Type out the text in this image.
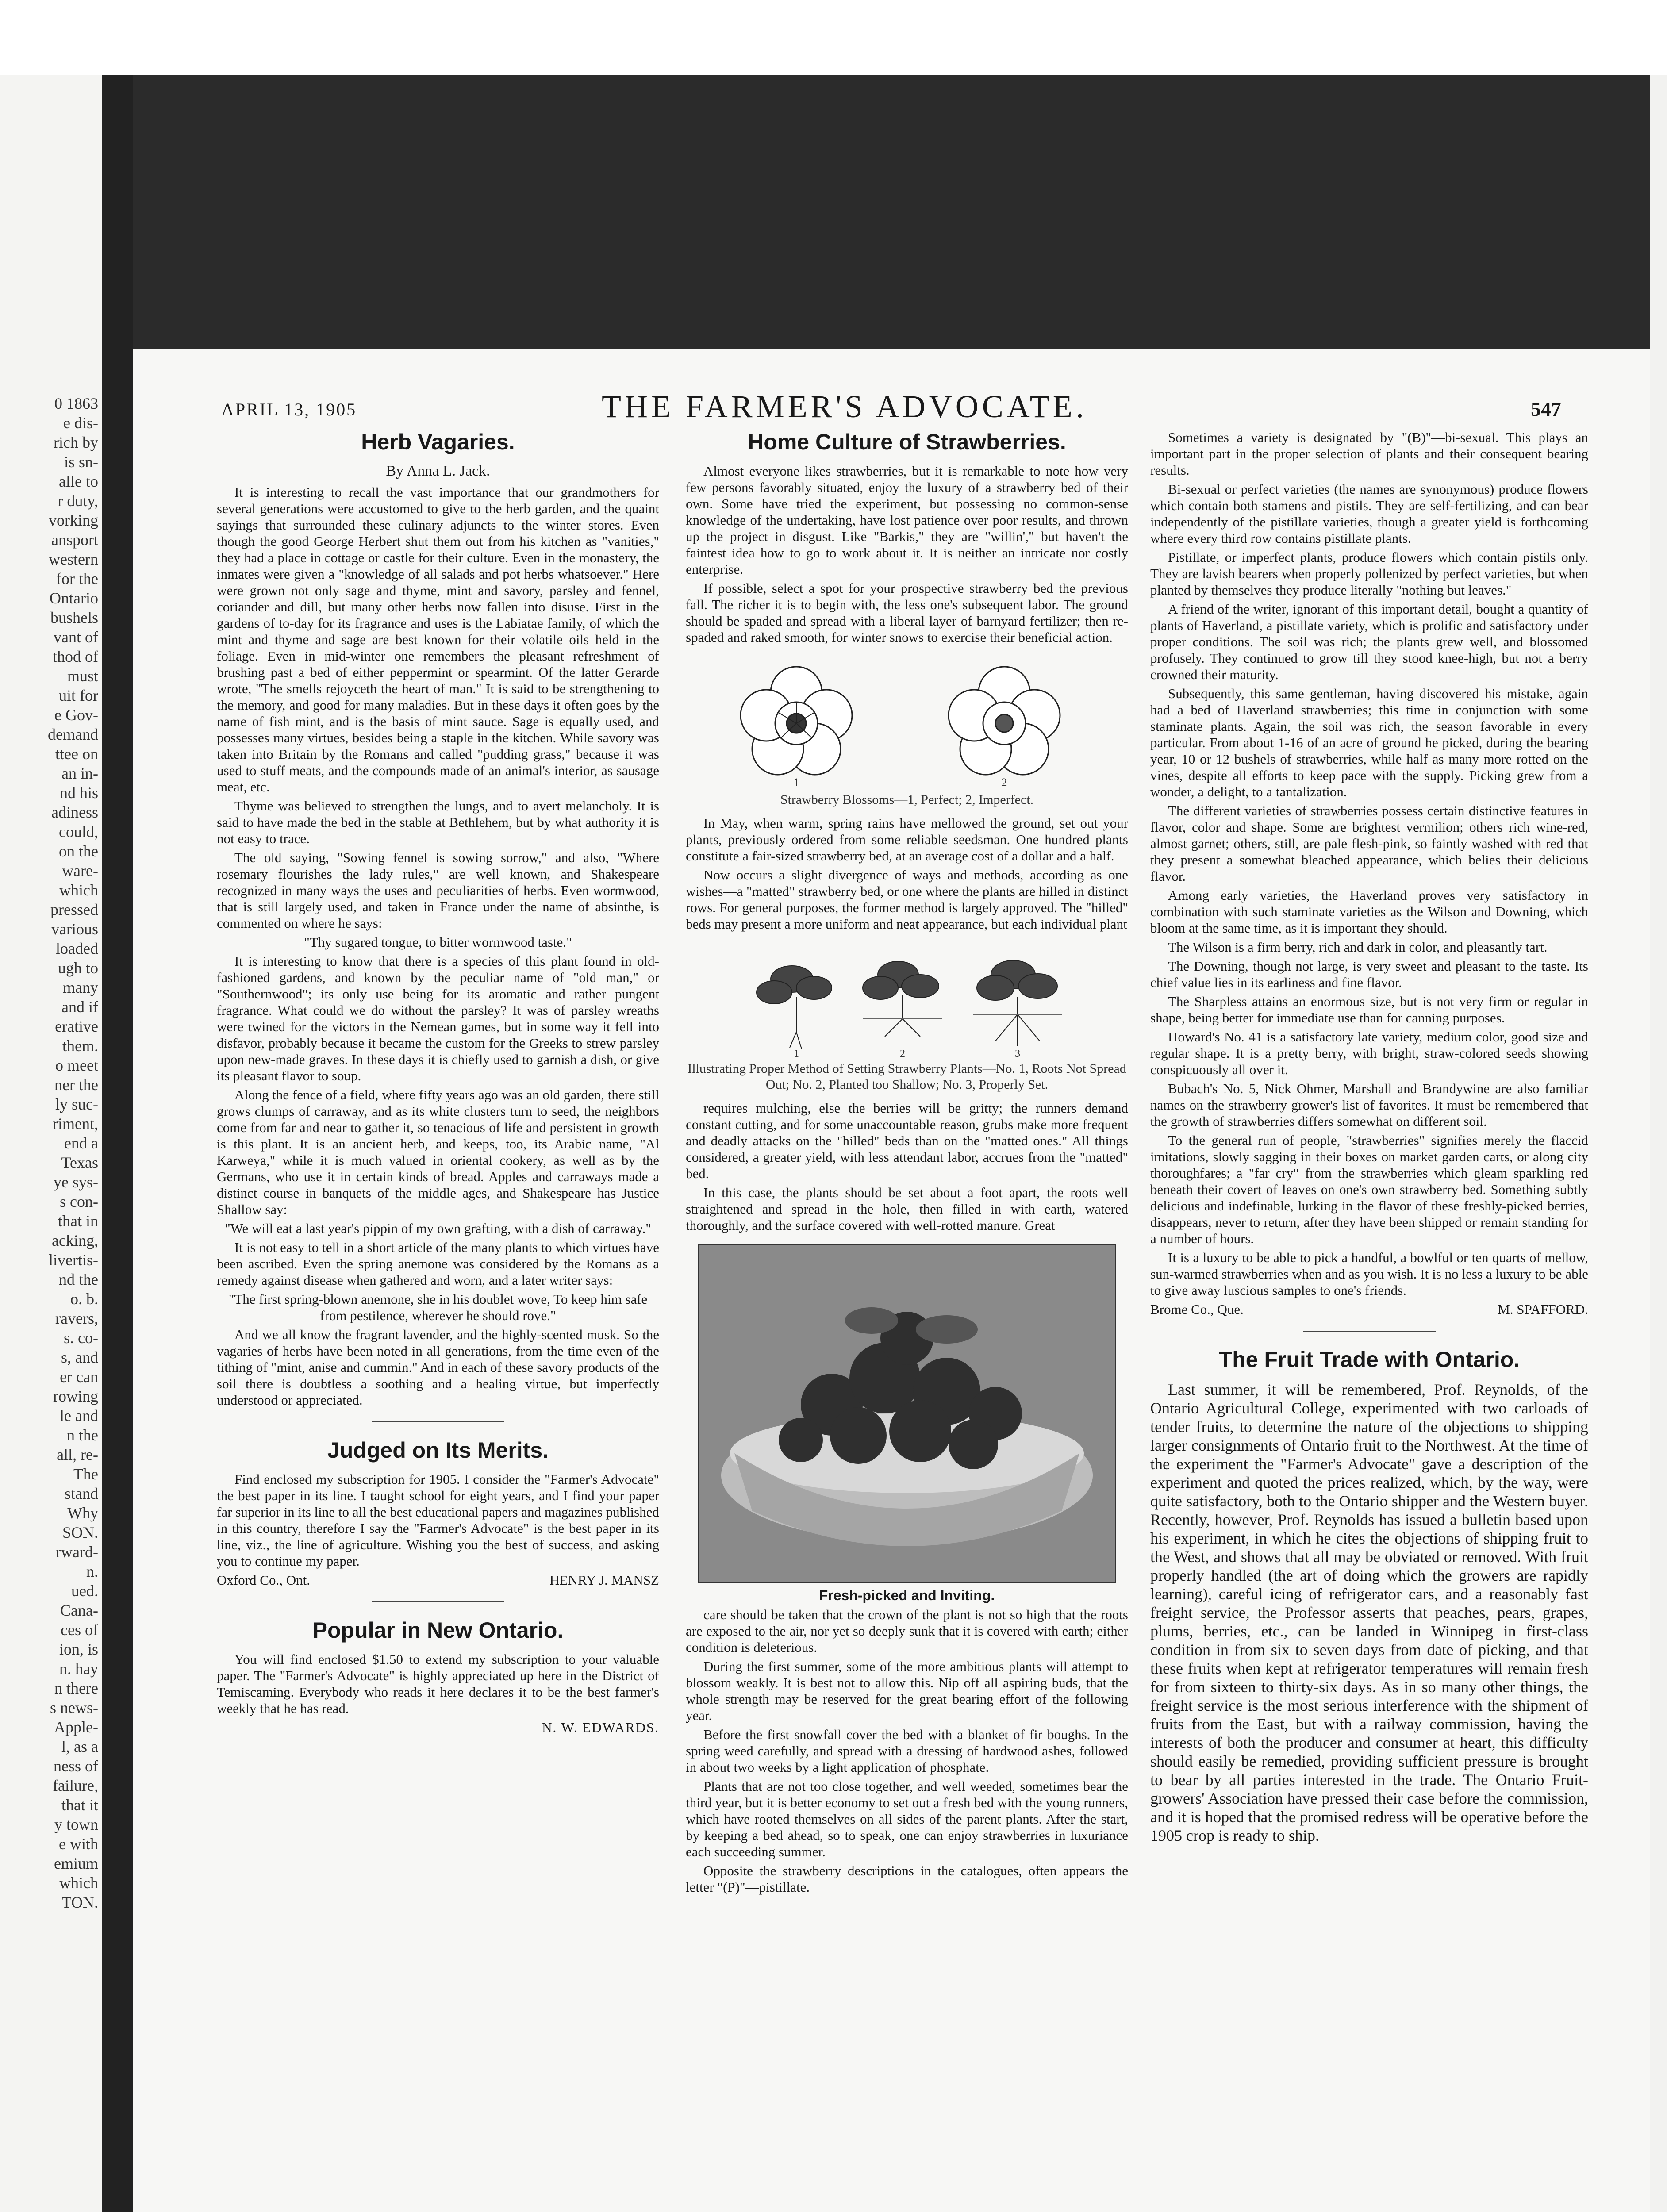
0 1863
e dis-
rich by
is sn-
alle to
r duty,
vorking
ansport
western
for the
Ontario
bushels
vant of
thod of
must
uit for
e Gov-
demand
ttee on
an in-
nd his
adiness
could,
on the
ware-
which
pressed
various
loaded
ugh to
many
and if
erative
them.
o meet
ner the
ly suc-
riment,
end a
Texas
ye sys-
s con-
that in
acking,
livertis-
nd the
o. b.
ravers,
s. co-
s, and
er can
rowing
le and
n the
all, re-
The
stand
Why
SON.
rward-
n.
ued.
Cana-
ces of
ion, is
n. hay
n there
s news-
Apple-
l, as a
ness of
failure,
that it
y town
e with
emium
which
TON.
APRIL 13, 1905	THE FARMER'S ADVOCATE.	547
Herb Vagaries.
By Anna L. Jack.

It is interesting to recall the vast importance that our grandmothers for several generations were accustomed to give to the herb garden, and the quaint sayings that surrounded these culinary adjuncts to the winter stores. Even though the good George Herbert shut them out from his kitchen as "vanities," they had a place in cottage or castle for their culture. Even in the monastery, the inmates were given a "knowledge of all salads and pot herbs whatsoever." Here were grown not only sage and thyme, mint and savory, parsley and fennel, coriander and dill, but many other herbs now fallen into disuse. First in the gardens of to-day for its fragrance and uses is the Labiatae family, of which the mint and thyme and sage are best known for their volatile oils held in the foliage. Even in mid-winter one remembers the pleasant refreshment of brushing past a bed of either peppermint or spearmint. Of the latter Gerarde wrote, "The smells rejoyceth the heart of man." It is said to be strengthening to the memory, and good for many maladies. But in these days it often goes by the name of fish mint, and is the basis of mint sauce. Sage is equally used, and possesses many virtues, besides being a staple in the kitchen. While savory was taken into Britain by the Romans and called "pudding grass," because it was used to stuff meats, and the compounds made of an animal's interior, as sausage meat, etc.

Thyme was believed to strengthen the lungs, and to avert melancholy. It is said to have made the bed in the stable at Bethlehem, but by what authority it is not easy to trace.

The old saying, "Sowing fennel is sowing sorrow," and also, "Where rosemary flourishes the lady rules," are well known, and Shakespeare recognized in many ways the uses and peculiarities of herbs. Even wormwood, that is still largely used, and taken in France under the name of absinthe, is commented on where he says:

"Thy sugared tongue, to bitter wormwood taste."

It is interesting to know that there is a species of this plant found in old-fashioned gardens, and known by the peculiar name of "old man," or "Southernwood"; its only use being for its aromatic and rather pungent fragrance. What could we do without the parsley? It was of parsley wreaths were twined for the victors in the Nemean games, but in some way it fell into disfavor, probably because it became the custom for the Greeks to strew parsley upon new-made graves. In these days it is chiefly used to garnish a dish, or give its pleasant flavor to soup.

Along the fence of a field, where fifty years ago was an old garden, there still grows clumps of carraway, and as its white clusters turn to seed, the neighbors come from far and near to gather it, so tenacious of life and persistent in growth is this plant. It is an ancient herb, and keeps, too, its Arabic name, "Al Karweya," while it is much valued in oriental cookery, as well as by the Germans, who use it in certain kinds of bread. Apples and carraways made a distinct course in banquets of the middle ages, and Shakespeare has Justice Shallow say:

"We will eat a last year's pippin of my own grafting, with a dish of carraway."

It is not easy to tell in a short article of the many plants to which virtues have been ascribed. Even the spring anemone was considered by the Romans as a remedy against disease when gathered and worn, and a later writer says:

"The first spring-blown anemone, she in his doublet wove, To keep him safe from pestilence, wherever he should rove."

And we all know the fragrant lavender, and the highly-scented musk. So the vagaries of herbs have been noted in all generations, from the time even of the tithing of "mint, anise and cummin." And in each of these savory products of the soil there is doubtless a soothing and a healing virtue, but imperfectly understood or appreciated.

Judged on Its Merits.

Find enclosed my subscription for 1905. I consider the "Farmer's Advocate" the best paper in its line. I taught school for eight years, and I find your paper far superior in its line to all the best educational papers and magazines published in this country, therefore I say the "Farmer's Advocate" is the best paper in its line, viz., the line of agriculture. Wishing you the best of success, and asking you to continue my paper.

Oxford Co., Ont.	HENRY J. MANSZ
Popular in New Ontario.

You will find enclosed $1.50 to extend my subscription to your valuable paper. The "Farmer's Advocate" is highly appreciated up here in the District of Temiscaming. Everybody who reads it here declares it to be the best farmer's weekly that he has read.

N. W. EDWARDS.

Home Culture of Strawberries.

Almost everyone likes strawberries, but it is remarkable to note how very few persons favorably situated, enjoy the luxury of a strawberry bed of their own. Some have tried the experiment, but possessing no common-sense knowledge of the undertaking, have lost patience over poor results, and thrown up the project in disgust. Like "Barkis," they are "willin'," but haven't the faintest idea how to go to work about it. It is neither an intricate nor costly enterprise.

If possible, select a spot for your prospective strawberry bed the previous fall. The richer it is to begin with, the less one's subsequent labor. The ground should be spaded and spread with a liberal layer of barnyard fertilizer; then re-spaded and raked smooth, for winter snows to exercise their beneficial action.

1	2

Strawberry Blossoms—1, Perfect; 2, Imperfect.

In May, when warm, spring rains have mellowed the ground, set out your plants, previously ordered from some reliable seedsman. One hundred plants constitute a fair-sized strawberry bed, at an average cost of a dollar and a half.

Now occurs a slight divergence of ways and methods, according as one wishes—a "matted" strawberry bed, or one where the plants are hilled in distinct rows. For general purposes, the former method is largely approved. The "hilled" beds may present a more uniform and neat appearance, but each individual plant

1	2	3

Illustrating Proper Method of Setting Strawberry Plants—No. 1, Roots Not Spread Out; No. 2, Planted too Shallow; No. 3, Properly Set.

requires mulching, else the berries will be gritty; the runners demand constant cutting, and for some unaccountable reason, grubs make more frequent and deadly attacks on the "hilled" beds than on the "matted ones." All things considered, a greater yield, with less attendant labor, accrues from the "matted" bed.

In this case, the plants should be set about a foot apart, the roots well straightened and spread in the hole, then filled in with earth, watered thoroughly, and the surface covered with well-rotted manure. Great

Fresh-picked and Inviting.

care should be taken that the crown of the plant is not so high that the roots are exposed to the air, nor yet so deeply sunk that it is covered with earth; either condition is deleterious.

During the first summer, some of the more ambitious plants will attempt to blossom weakly. It is best not to allow this. Nip off all aspiring buds, that the whole strength may be reserved for the great bearing effort of the following year.

Before the first snowfall cover the bed with a blanket of fir boughs. In the spring weed carefully, and spread with a dressing of hardwood ashes, followed in about two weeks by a light application of phosphate.

Plants that are not too close together, and well weeded, sometimes bear the third year, but it is better economy to set out a fresh bed with the young runners, which have rooted themselves on all sides of the parent plants. After the start, by keeping a bed ahead, so to speak, one can enjoy strawberries in luxuriance each succeeding summer.

Opposite the strawberry descriptions in the catalogues, often appears the letter "(P)"—pistillate.

Sometimes a variety is designated by "(B)"—bi-sexual. This plays an important part in the proper selection of plants and their consequent bearing results.

Bi-sexual or perfect varieties (the names are synonymous) produce flowers which contain both stamens and pistils. They are self-fertilizing, and can bear independently of the pistillate varieties, though a greater yield is forthcoming where every third row contains pistillate plants.

Pistillate, or imperfect plants, produce flowers which contain pistils only. They are lavish bearers when properly pollenized by perfect varieties, but when planted by themselves they produce literally "nothing but leaves."

A friend of the writer, ignorant of this important detail, bought a quantity of plants of Haverland, a pistillate variety, which is prolific and satisfactory under proper conditions. The soil was rich; the plants grew well, and blossomed profusely. They continued to grow till they stood knee-high, but not a berry crowned their maturity.

Subsequently, this same gentleman, having discovered his mistake, again had a bed of Haverland strawberries; this time in conjunction with some staminate plants. Again, the soil was rich, the season favorable in every particular. From about 1-16 of an acre of ground he picked, during the bearing year, 10 or 12 bushels of strawberries, while half as many more rotted on the vines, despite all efforts to keep pace with the supply. Picking grew from a wonder, a delight, to a tantalization.

The different varieties of strawberries possess certain distinctive features in flavor, color and shape. Some are brightest vermilion; others rich wine-red, almost garnet; others, still, are pale flesh-pink, so faintly washed with red that they present a somewhat bleached appearance, which belies their delicious flavor.

Among early varieties, the Haverland proves very satisfactory in combination with such staminate varieties as the Wilson and Downing, which bloom at the same time, as it is important they should.

The Wilson is a firm berry, rich and dark in color, and pleasantly tart.

The Downing, though not large, is very sweet and pleasant to the taste. Its chief value lies in its earliness and fine flavor.

The Sharpless attains an enormous size, but is not very firm or regular in shape, being better for immediate use than for canning purposes.

Howard's No. 41 is a satisfactory late variety, medium color, good size and regular shape. It is a pretty berry, with bright, straw-colored seeds showing conspicuously all over it.

Bubach's No. 5, Nick Ohmer, Marshall and Brandywine are also familiar names on the strawberry grower's list of favorites. It must be remembered that the growth of strawberries differs somewhat on different soil.

To the general run of people, "strawberries" signifies merely the flaccid imitations, slowly sagging in their boxes on market garden carts, or along city thoroughfares; a "far cry" from the strawberries which gleam sparkling red beneath their covert of leaves on one's own strawberry bed. Something subtly delicious and indefinable, lurking in the flavor of these freshly-picked berries, disappears, never to return, after they have been shipped or remain standing for a number of hours.

It is a luxury to be able to pick a handful, a bowlful or ten quarts of mellow, sun-warmed strawberries when and as you wish. It is no less a luxury to be able to give away luscious samples to one's friends.

Brome Co., Que.	M. SPAFFORD.
The Fruit Trade with Ontario.

Last summer, it will be remembered, Prof. Reynolds, of the Ontario Agricultural College, experimented with two carloads of tender fruits, to determine the nature of the objections to shipping larger consignments of Ontario fruit to the Northwest. At the time of the experiment the "Farmer's Advocate" gave a description of the experiment and quoted the prices realized, which, by the way, were quite satisfactory, both to the Ontario shipper and the Western buyer. Recently, however, Prof. Reynolds has issued a bulletin based upon his experiment, in which he cites the objections of shipping fruit to the West, and shows that all may be obviated or removed. With fruit properly handled (the art of doing which the growers are rapidly learning), careful icing of refrigerator cars, and a reasonably fast freight service, the Professor asserts that peaches, pears, grapes, plums, berries, etc., can be landed in Winnipeg in first-class condition in from six to seven days from date of picking, and that these fruits when kept at refrigerator temperatures will remain fresh for from sixteen to thirty-six days. As in so many other things, the freight service is the most serious interference with the shipment of fruits from the East, but with a railway commission, having the interests of both the producer and consumer at heart, this difficulty should easily be remedied, providing sufficient pressure is brought to bear by all parties interested in the trade. The Ontario Fruit-growers' Association have pressed their case before the commission, and it is hoped that the promised redress will be operative before the 1905 crop is ready to ship.
